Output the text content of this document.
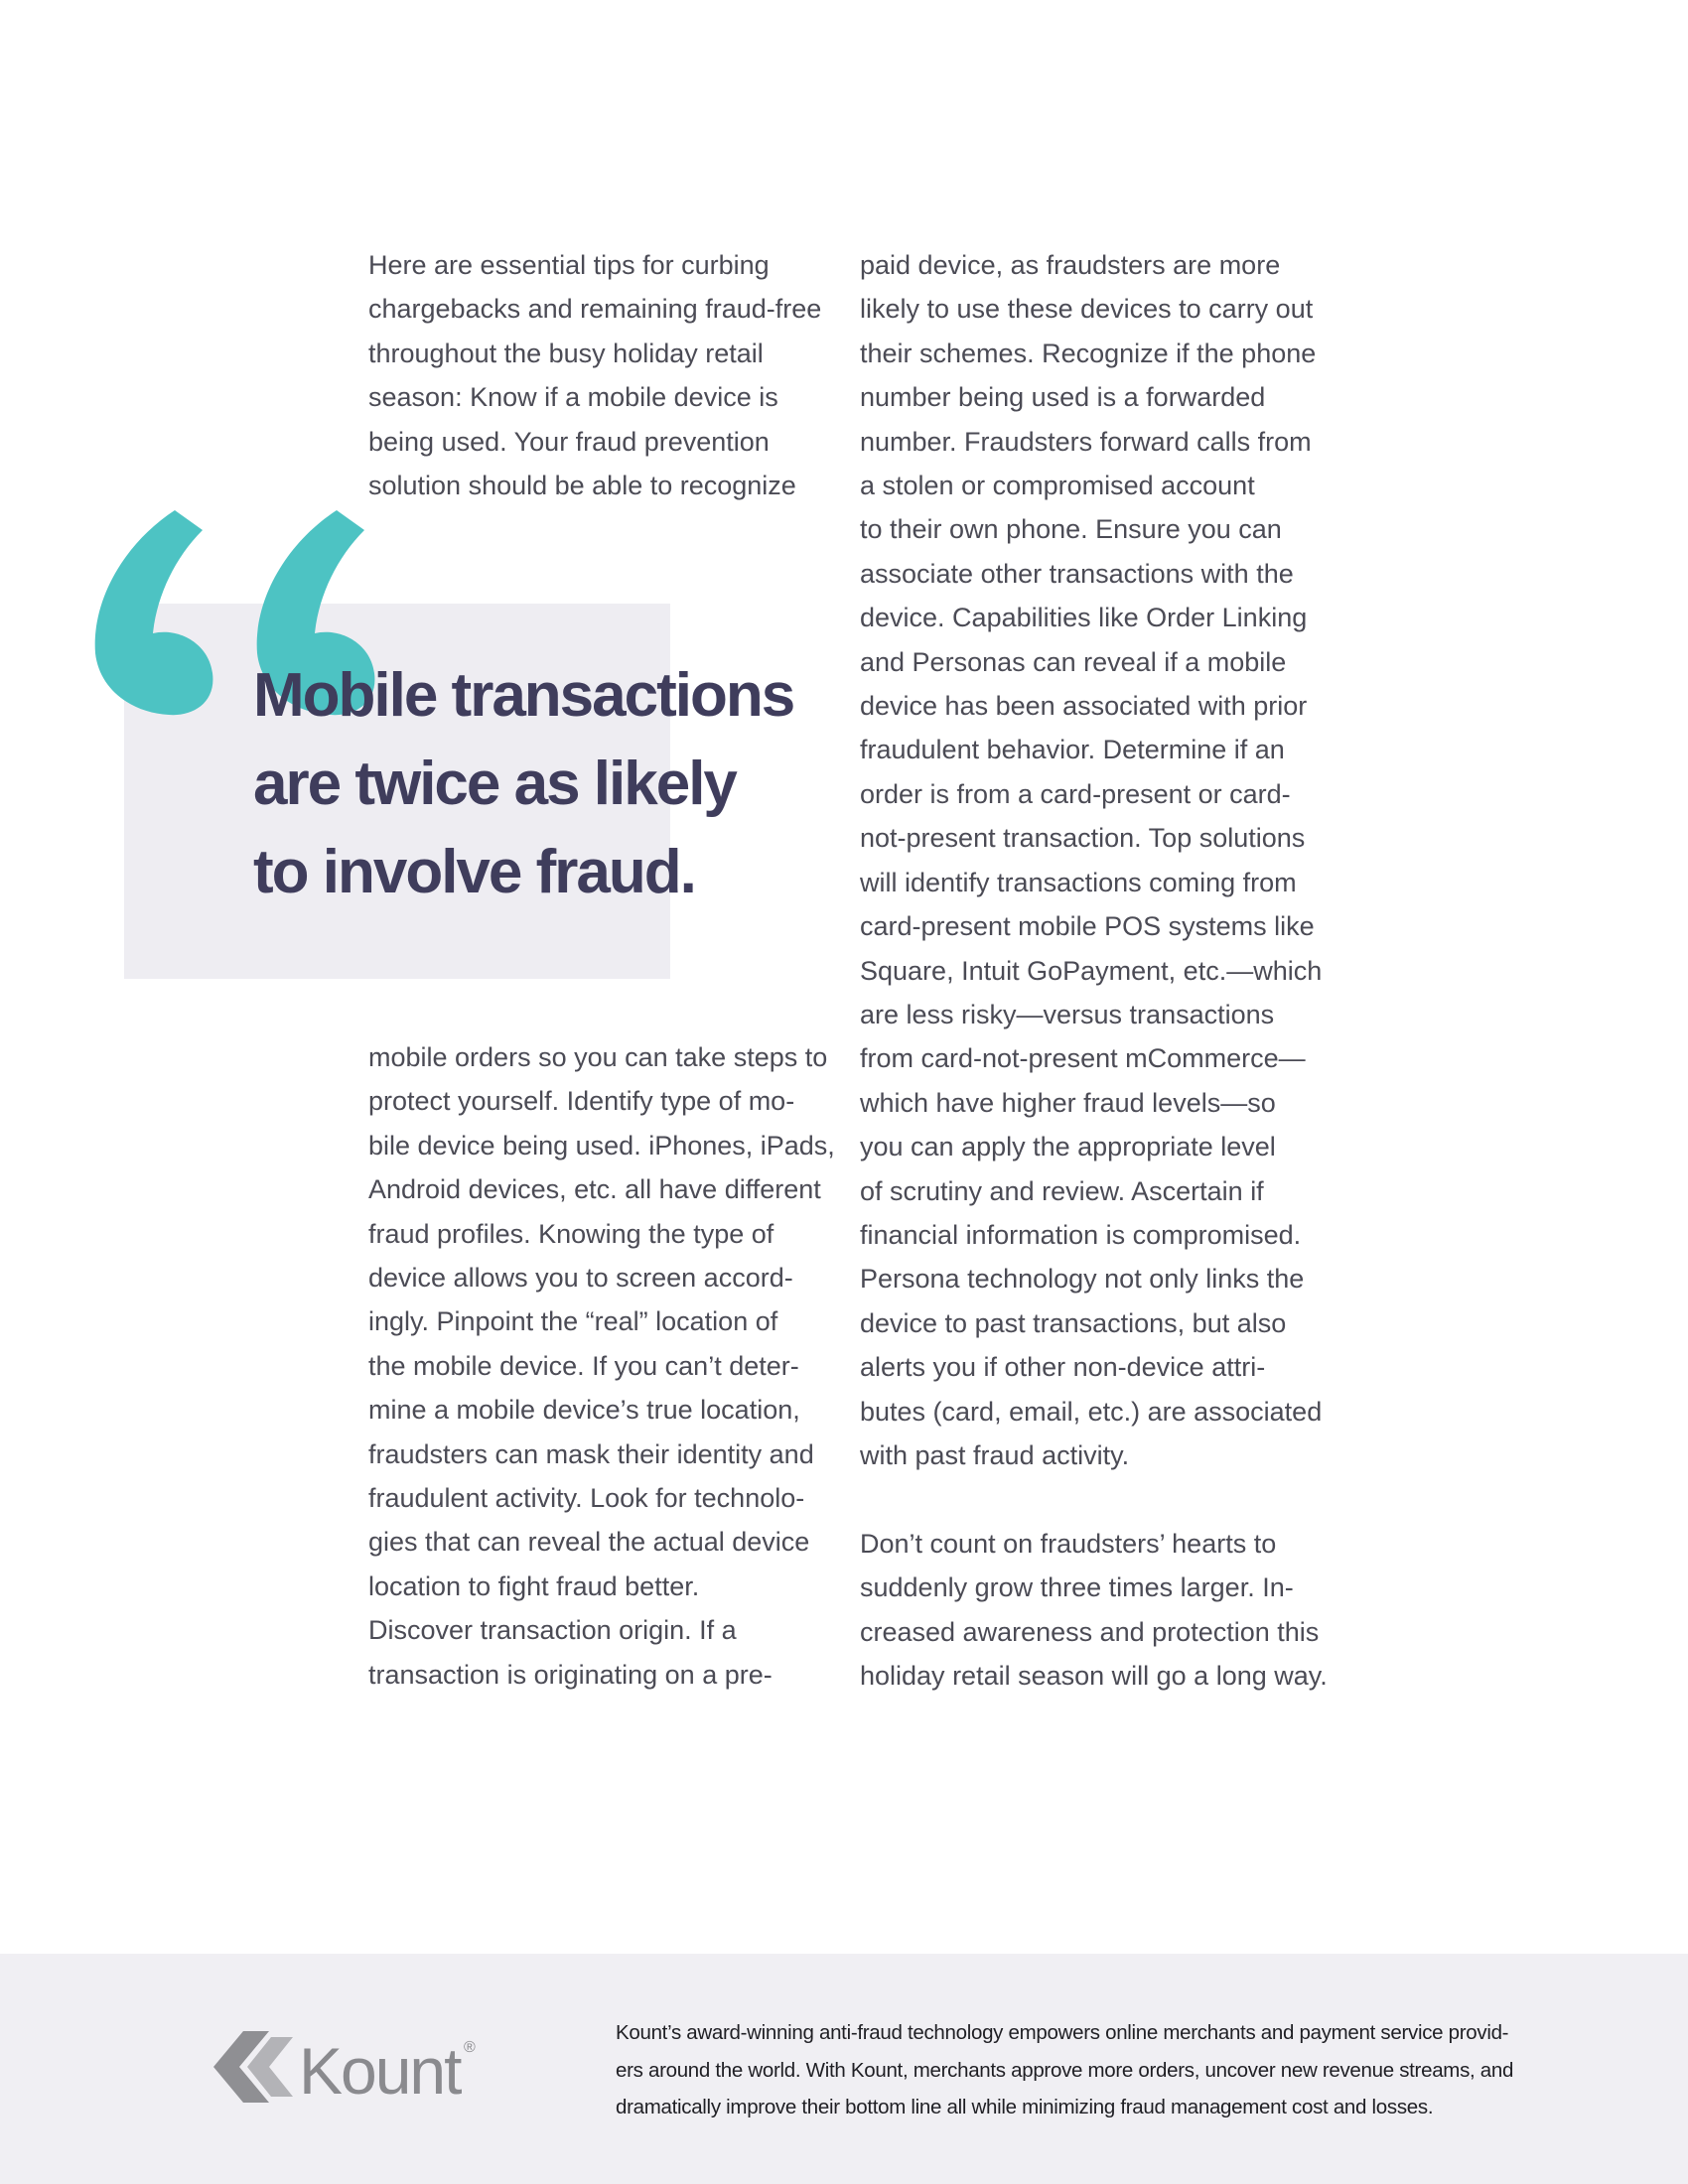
Here are essential tips for curbing
chargebacks and remaining fraud-free
throughout the busy holiday retail
season: Know if a mobile device is
being used. Your fraud prevention
solution should be able to recognize

Mobile transactions
are twice as likely
to involve fraud.

mobile orders so you can take steps to
protect yourself. Identify type of mo-
bile device being used. iPhones, iPads,
Android devices, etc. all have different
fraud profiles. Knowing the type of
device allows you to screen accord-
ingly. Pinpoint the “real” location of
the mobile device. If you can’t deter-
mine a mobile device’s true location,
fraudsters can mask their identity and
fraudulent activity. Look for technolo-
gies that can reveal the actual device
location to fight fraud better.
Discover transaction origin. If a
transaction is originating on a pre-

paid device, as fraudsters are more
likely to use these devices to carry out
their schemes. Recognize if the phone
number being used is a forwarded
number. Fraudsters forward calls from
a stolen or compromised account
to their own phone. Ensure you can
associate other transactions with the
device. Capabilities like Order Linking
and Personas can reveal if a mobile
device has been associated with prior
fraudulent behavior. Determine if an
order is from a card-present or card-
not-present transaction. Top solutions
will identify transactions coming from
card-present mobile POS systems like
Square, Intuit GoPayment, etc.—which
are less risky—versus transactions
from card-not-present mCommerce—
which have higher fraud levels—so
you can apply the appropriate level
of scrutiny and review. Ascertain if
financial information is compromised.
Persona technology not only links the
device to past transactions, but also
alerts you if other non-device attri-
butes (card, email, etc.) are associated
with past fraud activity.

Don’t count on fraudsters’ hearts to
suddenly grow three times larger. In-
creased awareness and protection this
holiday retail season will go a long way.

Kount ®

Kount’s award-winning anti-fraud technology empowers online merchants and payment service provid-
ers around the world. With Kount, merchants approve more orders, uncover new revenue streams, and
dramatically improve their bottom line all while minimizing fraud management cost and losses.
